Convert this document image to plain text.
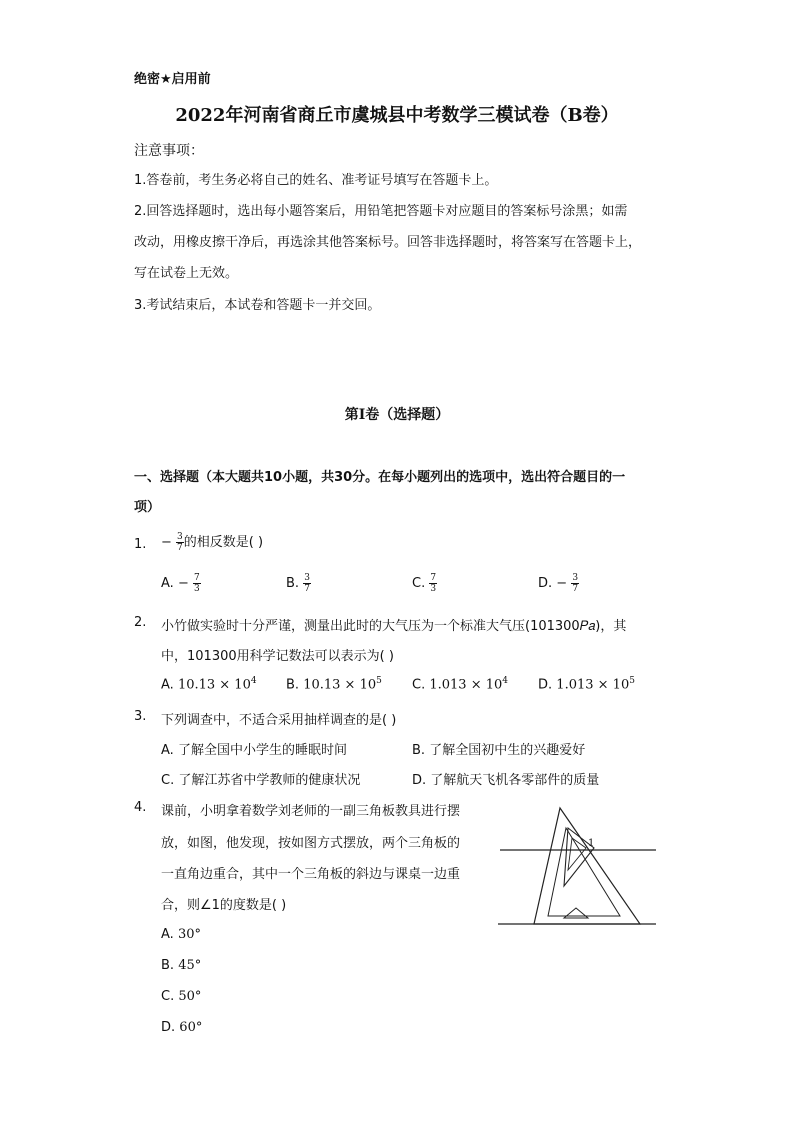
绝密★启用前
2022年河南省商丘市虞城县中考数学三模试卷（B卷）
注意事项：
1.答卷前，考生务必将自己的姓名、准考证号填写在答题卡上。
2.回答选择题时，选出每小题答案后，用铅笔把答题卡对应题目的答案标号涂黑；如需
改动，用橡皮擦干净后，再选涂其他答案标号。回答非选择题时，将答案写在答题卡上，
写在试卷上无效。
3.考试结束后，本试卷和答题卡一并交回。
第I卷（选择题）
一、选择题（本大题共10小题，共30分。在每小题列出的选项中，选出符合题目的一
项）
1. − $\frac{3}{7}$ 的相反数是( )
A. − $\frac{7}{3}$	B. $\frac{3}{7}$	C. $\frac{7}{3}$	D. − $\frac{3}{7}$
2. 小竹做实验时十分严谨，测量出此时的大气压为一个标准大气压(101300𝑃𝑎)，其
中，101300用科学记数法可以表示为( )
A. $10.13 \times 10^4$ B. $10.13 \times 10^5$ C. $1.013 \times 10^4$ D. $1.013 \times 10^5$
3. 下列调查中，不适合采用抽样调查的是( )
A. 了解全国中小学生的睡眠时间	B. 了解全国初中生的兴趣爱好
C. 了解江苏省中学教师的健康状况	D. 了解航天飞机各零部件的质量
4. 课前，小明拿着数学刘老师的一副三角板教具进行摆
放，如图，他发现，按如图方式摆放，两个三角板的
一直角边重合，其中一个三角板的斜边与课桌一边重
合，则∠1的度数是( )
A. 30°
B. 45°
C. 50°
D. 60°
1
